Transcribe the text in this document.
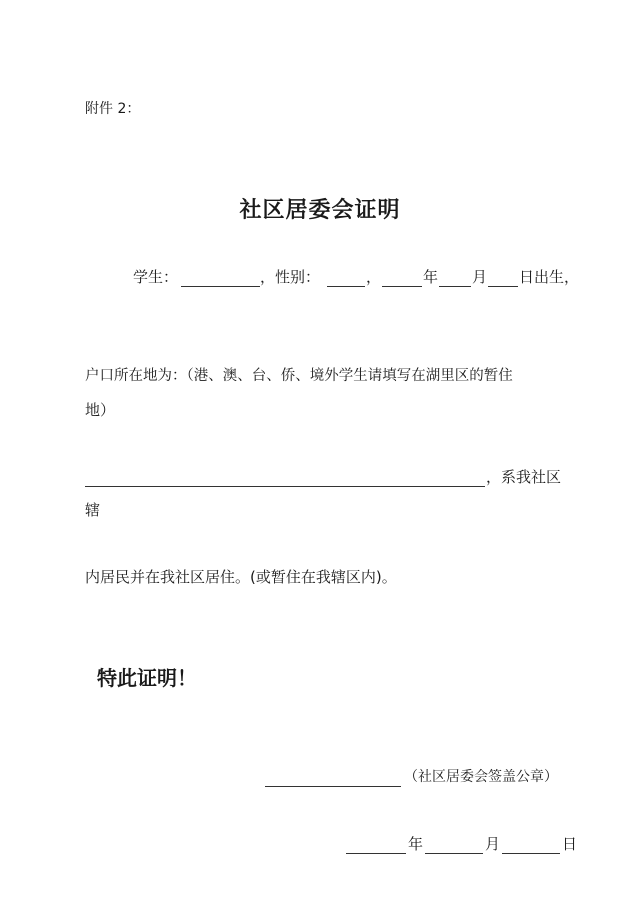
附件 2：
社区居委会证明
学生：	，性别：	，	年 月 日出生，
户口所在地为：（港、澳、台、侨、境外学生请填写在湖里区的暂住
地）
，系我社区
辖
内居民并在我社区居住。(或暂住在我辖区内)。
特此证明！
（社区居委会签盖公章）
年	月	日
